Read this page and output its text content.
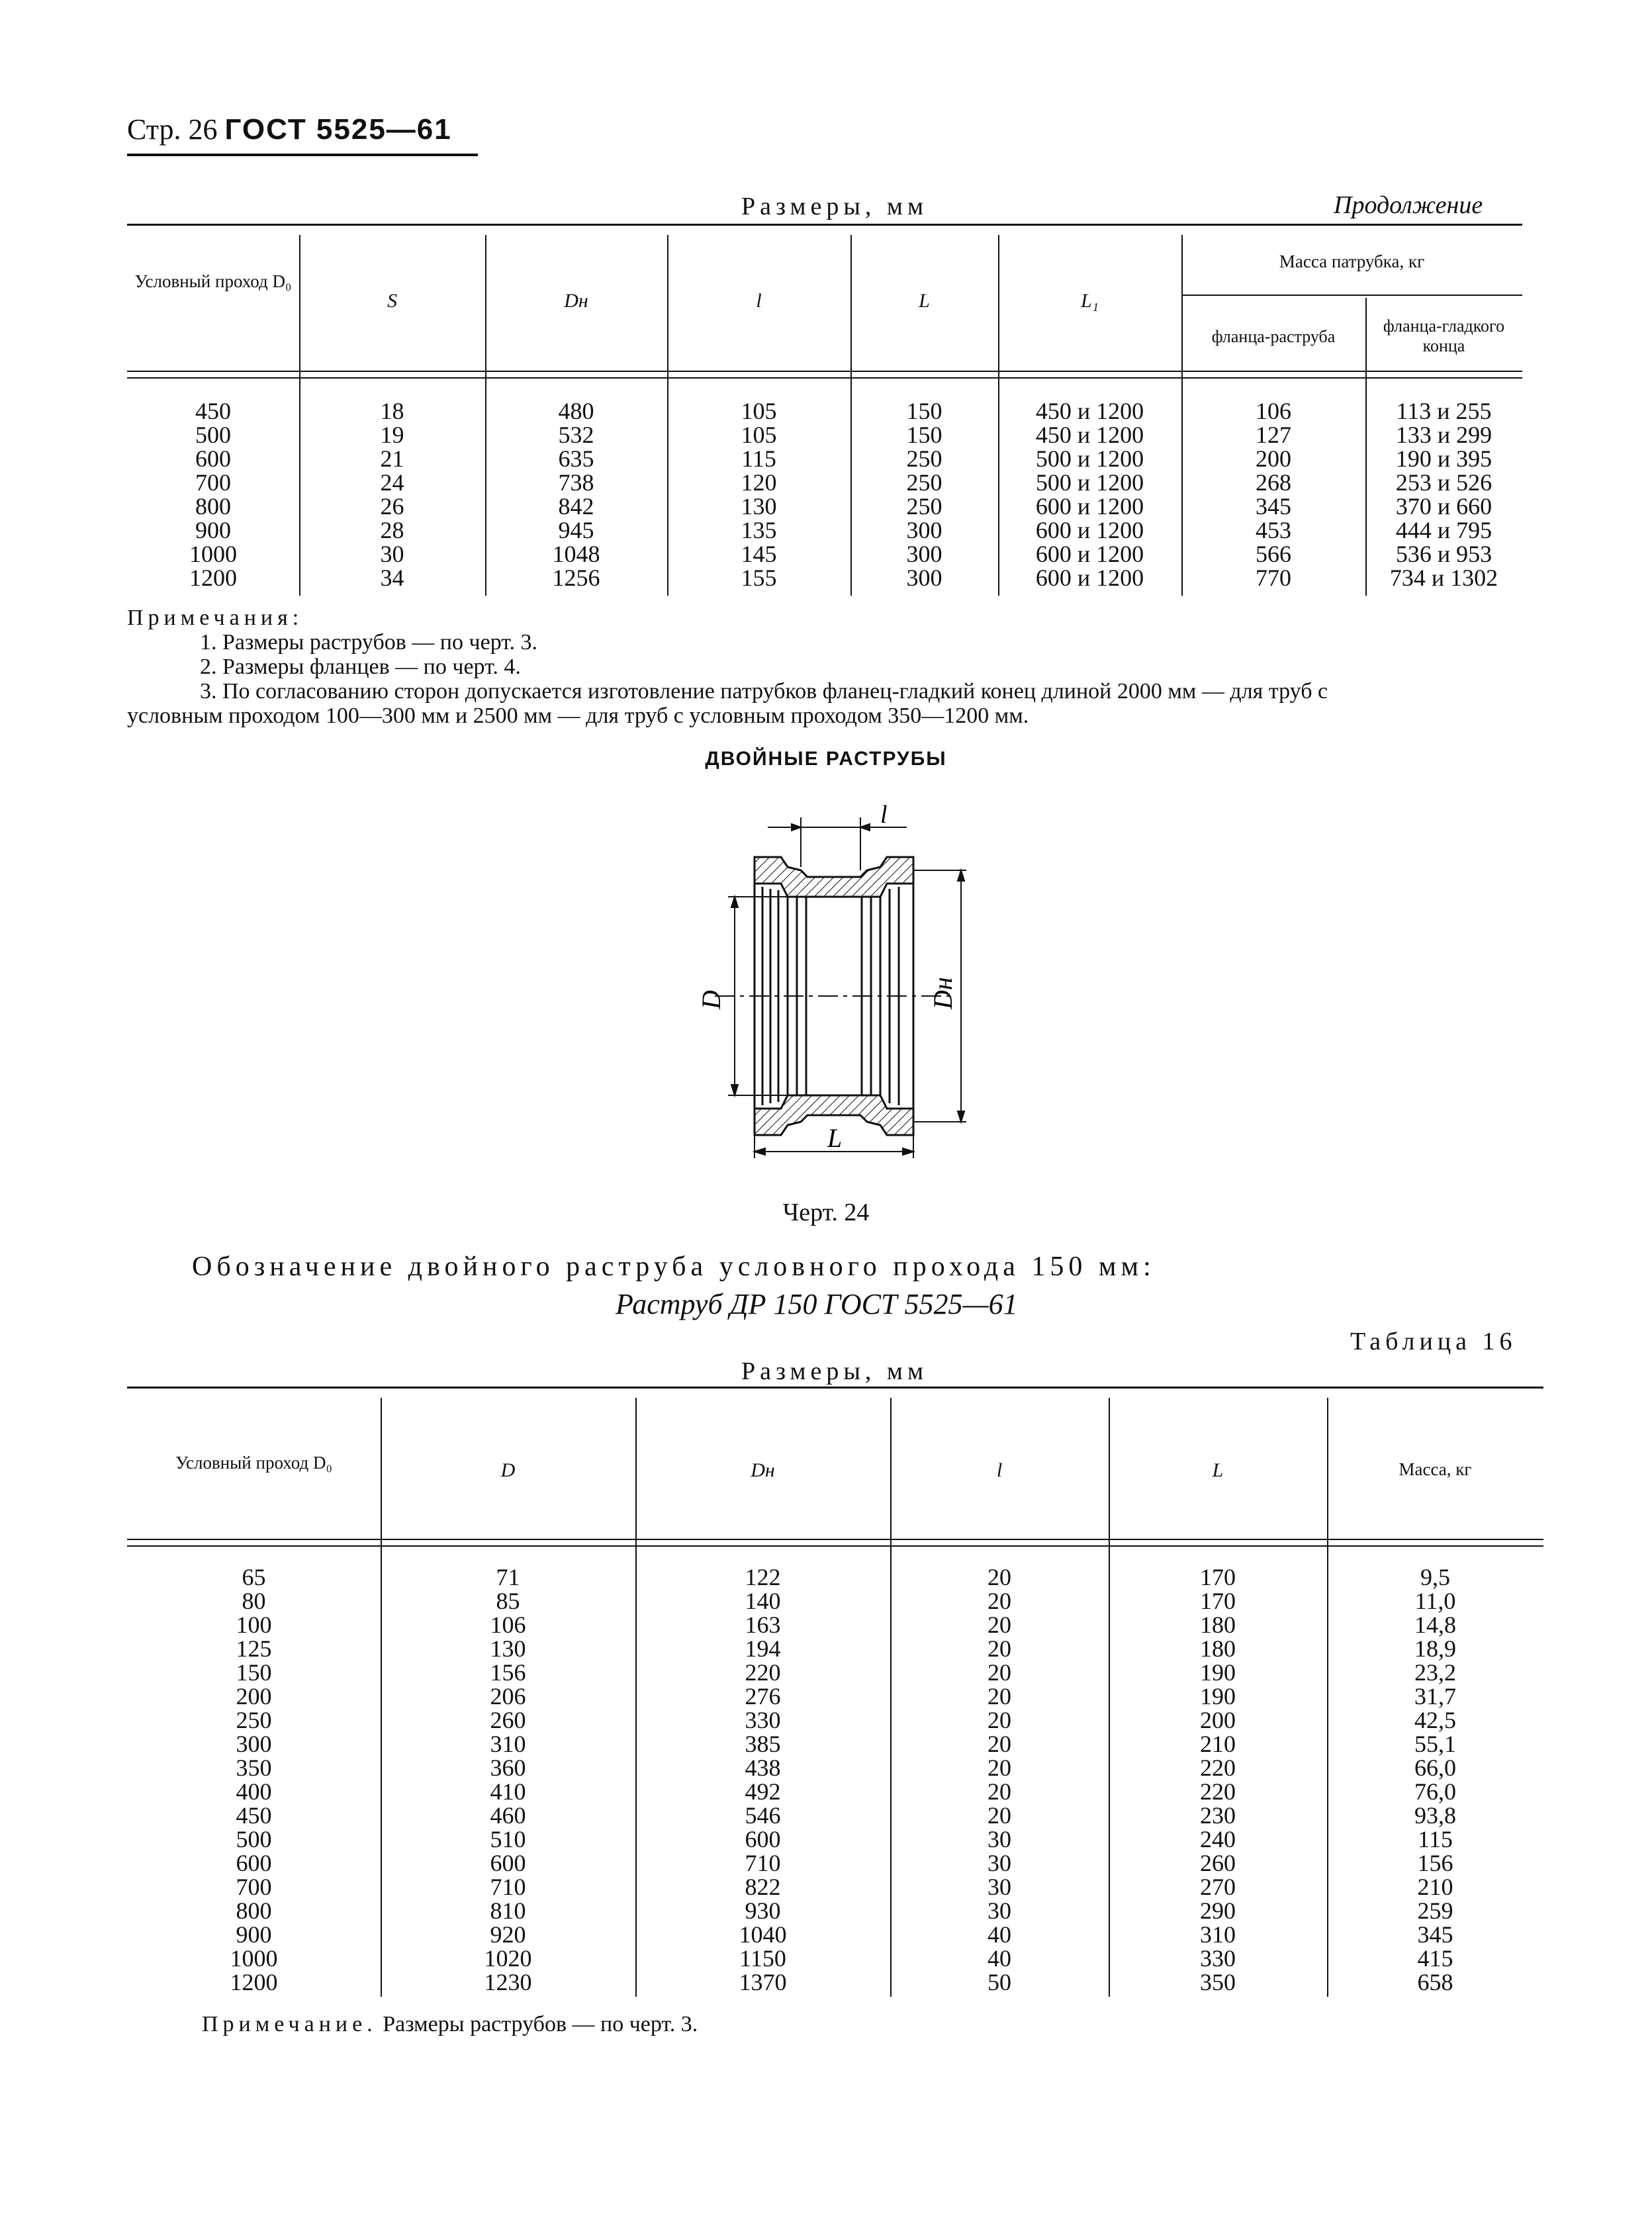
Стр. 26 ГОСТ 5525—61
Размеры, мм	Продолжение
Условный проход D₀
S	Dн	l	L	L₁
Масса патрубка, кг
фланца-раструба
фланца-гладкого конца
450	18	480	105	150	450 и 1200	106	113 и 255
500	19	532	105	150	450 и 1200	127	133 и 299
600	21	635	115	250	500 и 1200	200	190 и 395
700	24	738	120	250	500 и 1200	268	253 и 526
800	26	842	130	250	600 и 1200	345	370 и 660
900	28	945	135	300	600 и 1200	453	444 и 795
1000	30	1048	145	300	600 и 1200	566	536 и 953
1200	34	1256	155	300	600 и 1200	770	734 и 1302
Примечания:
1. Размеры раструбов — по черт. 3.
2. Размеры фланцев — по черт. 4.
3. По согласованию сторон допускается изготовление патрубков фланец-гладкий конец длиной 2000 мм — для труб с
условным проходом 100—300 мм и 2500 мм — для труб с условным проходом 350—1200 мм.
ДВОЙНЫЕ РАСТРУБЫ
l
D	Dн
L
Черт. 24
Обозначение двойного раструба условного прохода 150 мм:
Раструб ДР 150 ГОСТ 5525—61
Таблица 16
Размеры, мм
Условный проход D₀	D	Dн	l	L	Масса, кг
65	71	122	20	170	9,5
80	85	140	20	170	11,0
100	106	163	20	180	14,8
125	130	194	20	180	18,9
150	156	220	20	190	23,2
200	206	276	20	190	31,7
250	260	330	20	200	42,5
300	310	385	20	210	55,1
350	360	438	20	220	66,0
400	410	492	20	220	76,0
450	460	546	20	230	93,8
500	510	600	30	240	115
600	600	710	30	260	156
700	710	822	30	270	210
800	810	930	30	290	259
900	920	1040	40	310	345
1000	1020	1150	40	330	415
1200	1230	1370	50	350	658
Примечание. Размеры раструбов — по черт. 3.
